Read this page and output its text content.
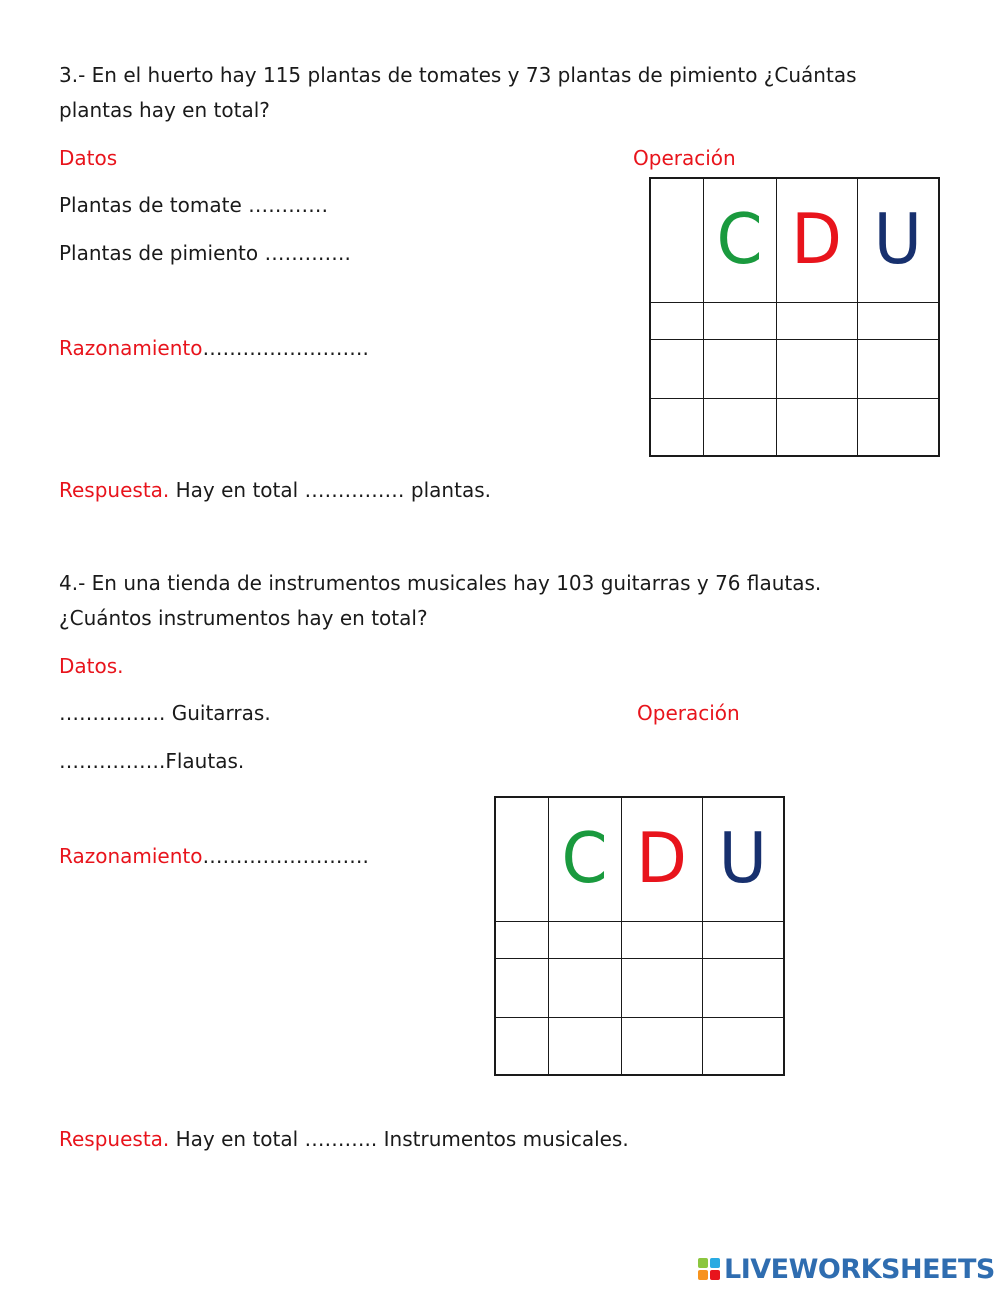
3.- En el huerto hay 115 plantas de tomates y 73 plantas de pimiento ¿Cuántas
plantas hay en total?
Datos	Operación
Plantas de tomate …………
Plantas de pimiento ………….
Razonamiento…………………….
	C	D	U

Respuesta. Hay en total …………… plantas.
4.- En una tienda de instrumentos musicales hay 103 guitarras y 76 flautas.
¿Cuántos instrumentos hay en total?
Datos.
……………. Guitarras.	Operación
…………….Flautas.
Razonamiento…………………….
		C	D	U

Respuesta. Hay en total ……….. Instrumentos musicales.
LIVEWORKSHEETS
